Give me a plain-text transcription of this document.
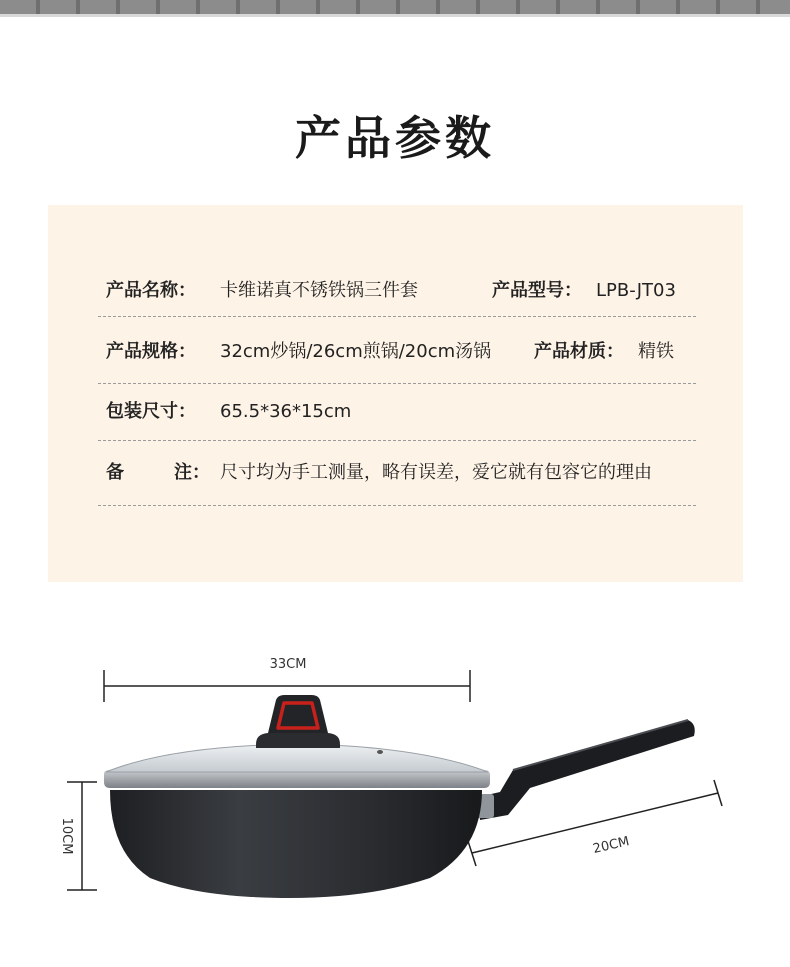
产品参数
产品名称： 卡维诺真不锈铁锅三件套	产品型号： LPB-JT03
产品规格： 32cm炒锅/26cm煎锅/20cm汤锅 产品材质： 精铁
包装尺寸： 65.5*36*15cm
备	注： 尺寸均为手工测量，略有误差，爱它就有包容它的理由
33CM
10CM	20CM
